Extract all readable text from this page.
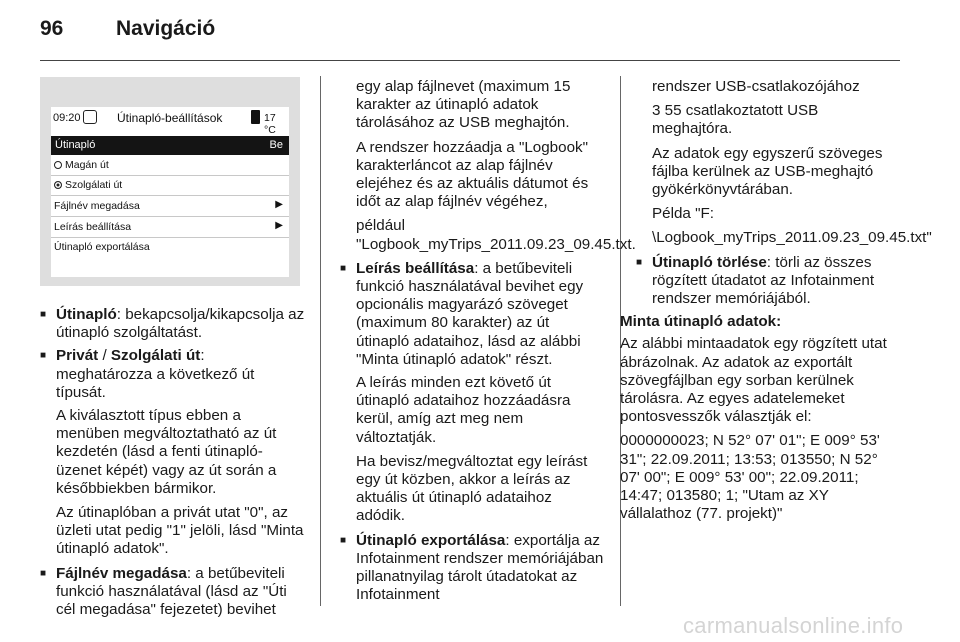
96	Navigáció
09:20	Útinapló-beállítások	17 °C
Útinapló	Be
Magán út
Szolgálati út
Fájlnév megadása	▶
Leírás beállítása	▶
Útinapló exportálása
■ Útinapló: bekapcsolja/kikapcsolja az útinapló szolgáltatást.
■ Privát / Szolgálati út: meghatározza a következő út típusát.

A kiválasztott típus ebben a menüben megváltoztatható az út kezdetén (lásd a fenti útinapló-üzenet képét) vagy az út során a későbbiekben bármikor.

Az útinaplóban a privát utat "0", az üzleti utat pedig "1" jelöli, lásd "Minta útinapló adatok".

■ Fájlnév megadása: a betűbeviteli funkció használatával (lásd az "Úti cél megadása" fejezetet) bevihet

egy alap fájlnevet (maximum 15 karakter az útinapló adatok tárolásához az USB meghajtón.

A rendszer hozzáadja a "Logbook" karakterláncot az alap fájlnév elejéhez és az aktuális dátumot és időt az alap fájlnév végéhez,

például "Logbook_myTrips_2011.09.23_09.45.txt.

■ Leírás beállítása: a betűbeviteli funkció használatával bevihet egy opcionális magyarázó szöveget (maximum 80 karakter) az út útinapló adataihoz, lásd az alábbi "Minta útinapló adatok" részt.

A leírás minden ezt követő út útinapló adataihoz hozzáadásra kerül, amíg azt meg nem változtatják.

Ha bevisz/megváltoztat egy leírást egy út közben, akkor a leírás az aktuális út útinapló adataihoz adódik.

■ Útinapló exportálása: exportálja az Infotainment rendszer memóriájában pillanatnyilag tárolt útadatokat az Infotainment

rendszer USB-csatlakozójához

3 55 csatlakoztatott USB meghajtóra.

Az adatok egy egyszerű szöveges fájlba kerülnek az USB-meghajtó gyökérkönyvtárában.

Példa "F:

\Logbook_myTrips_2011.09.23_09.45.txt"

■ Útinapló törlése: törli az összes rögzített útadatot az Infotainment rendszer memóriájából.
Minta útinapló adatok:

Az alábbi mintaadatok egy rögzített utat ábrázolnak. Az adatok az exportált szövegfájlban egy sorban kerülnek tárolásra. Az egyes adatelemeket pontosvesszők választják el:

0000000023; N 52° 07' 01"; E 009° 53' 31"; 22.09.2011; 13:53; 013550; N 52° 07' 00"; E 009° 53' 00"; 22.09.2011; 14:47; 013580; 1; "Utam az XY vállalathoz (77. projekt)"

carmanualsonline.info
